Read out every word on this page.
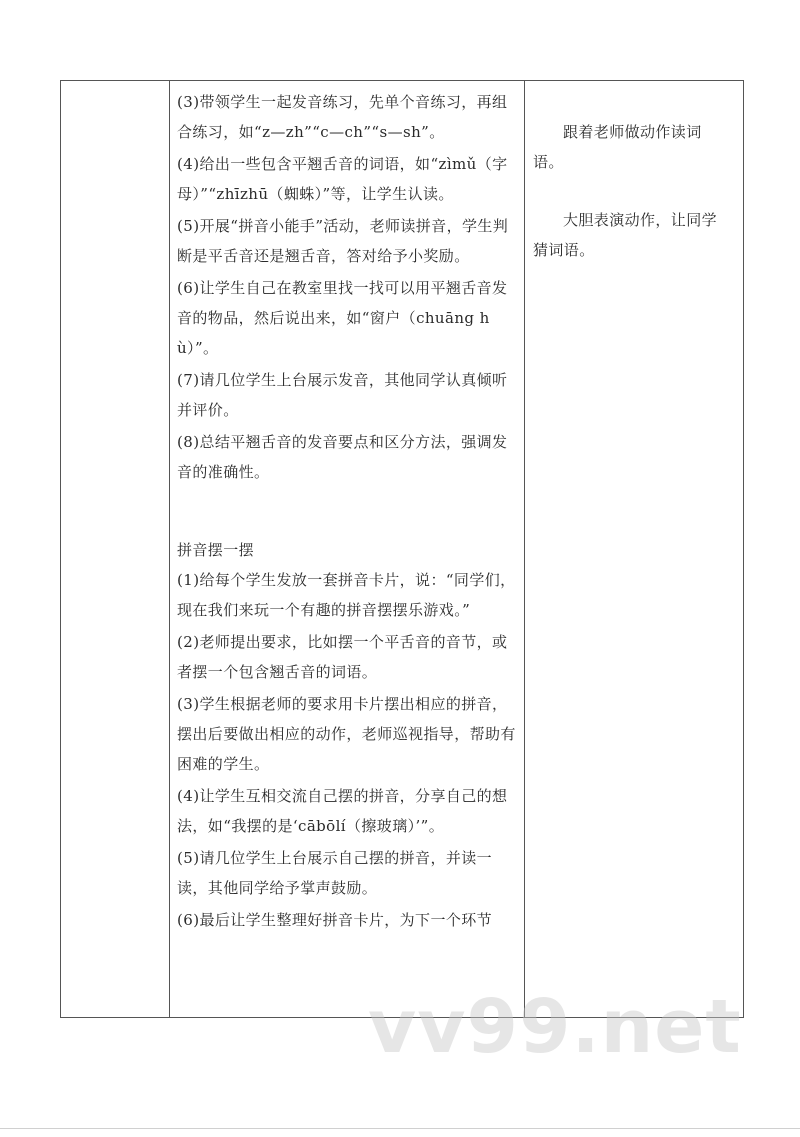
(3)带领学生一起发音练习，先单个音练习，再组合练习，如“z—zh”“c—ch”“s—sh”。

(4)给出一些包含平翘舌音的词语，如“zìmǔ（字母）”“zhīzhū（蜘蛛）”等，让学生认读。

(5)开展“拼音小能手”活动，老师读拼音，学生判断是平舌音还是翘舌音，答对给予小奖励。

(6)让学生自己在教室里找一找可以用平翘舌音发音的物品，然后说出来，如“窗户（chuāng hù）”。

(7)请几位学生上台展示发音，其他同学认真倾听并评价。

(8)总结平翘舌音的发音要点和区分方法，强调发音的准确性。

拼音摆一摆

(1)给每个学生发放一套拼音卡片，说：“同学们，现在我们来玩一个有趣的拼音摆摆乐游戏。”

(2)老师提出要求，比如摆一个平舌音的音节，或者摆一个包含翘舌音的词语。

(3)学生根据老师的要求用卡片摆出相应的拼音，摆出后要做出相应的动作，老师巡视指导，帮助有困难的学生。

(4)让学生互相交流自己摆的拼音，分享自己的想法，如“我摆的是‘cābōlí（擦玻璃）’”。

(5)请几位学生上台展示自己摆的拼音，并读一读，其他同学给予掌声鼓励。

(6)最后让学生整理好拼音卡片，为下一个环节

跟着老师做动作读词语。

大胆表演动作，让同学猜词语。

vv99.net
